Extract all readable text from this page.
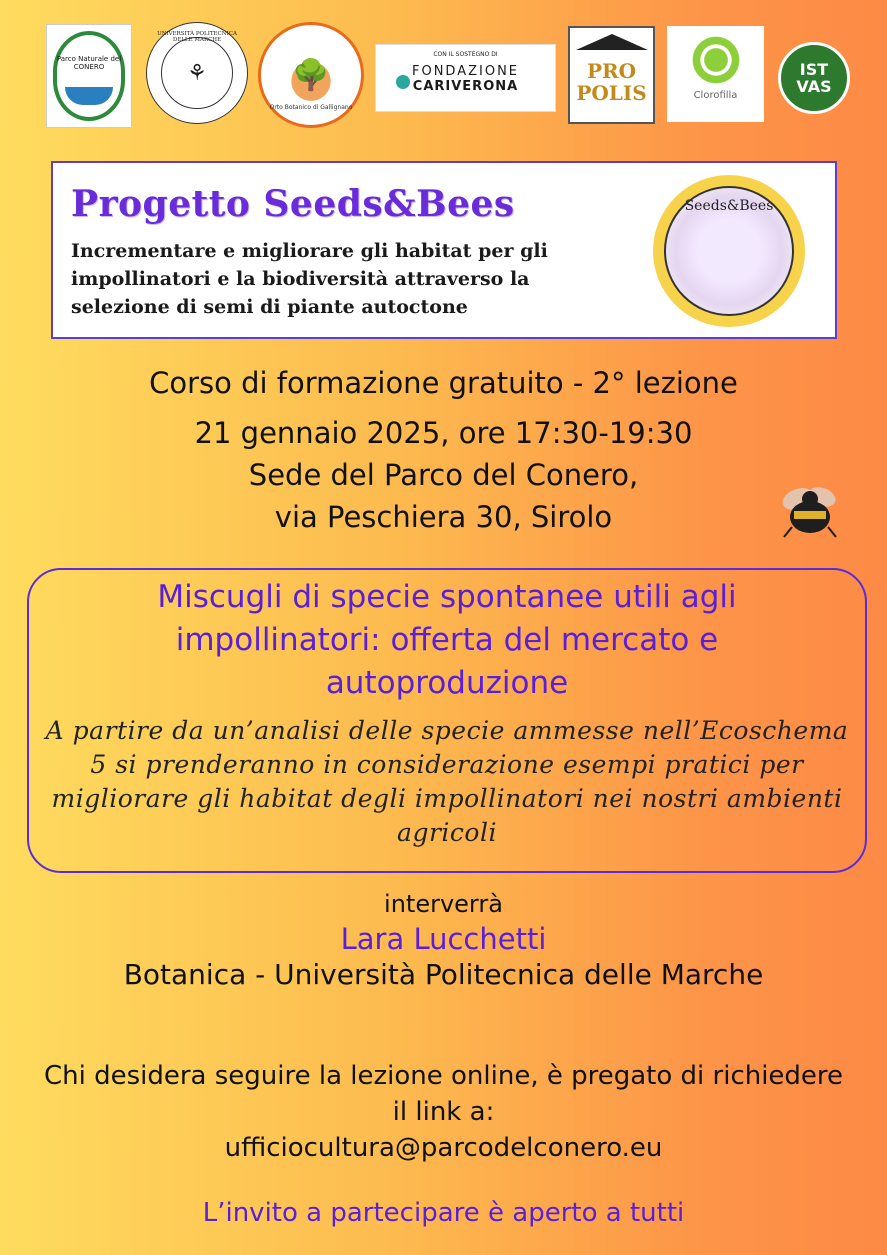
Parco Naturale del CONERO
UNIVERSITÀ POLITECNICA DELLE MARCHE
⚘	🌳
Orto Botanico di Gallignano
CON IL SOSTEGNO DI
FONDAZIONE
CARIVERONA
PRO POLIS	Clorofilla
IST
VAS
Progetto Seeds&Bees
Incrementare e migliorare gli habitat per gli impollinatori e la biodiversità attraverso la selezione di semi di piante autoctone
Seeds&Bees
Corso di formazione gratuito - 2° lezione
21 gennaio 2025, ore 17:30-19:30
Sede del Parco del Conero,
via Peschiera 30, Sirolo
Miscugli di specie spontanee utili agli impollinatori: offerta del mercato e autoproduzione
A partire da un’analisi delle specie ammesse nell’Ecoschema 5 si prenderanno in considerazione esempi pratici per migliorare gli habitat degli impollinatori nei nostri ambienti agricoli
interverrà
Lara Lucchetti
Botanica - Università Politecnica delle Marche
Chi desidera seguire la lezione online, è pregato di richiedere il link a:
ufficiocultura@parcodelconero.eu
L’invito a partecipare è aperto a tutti
